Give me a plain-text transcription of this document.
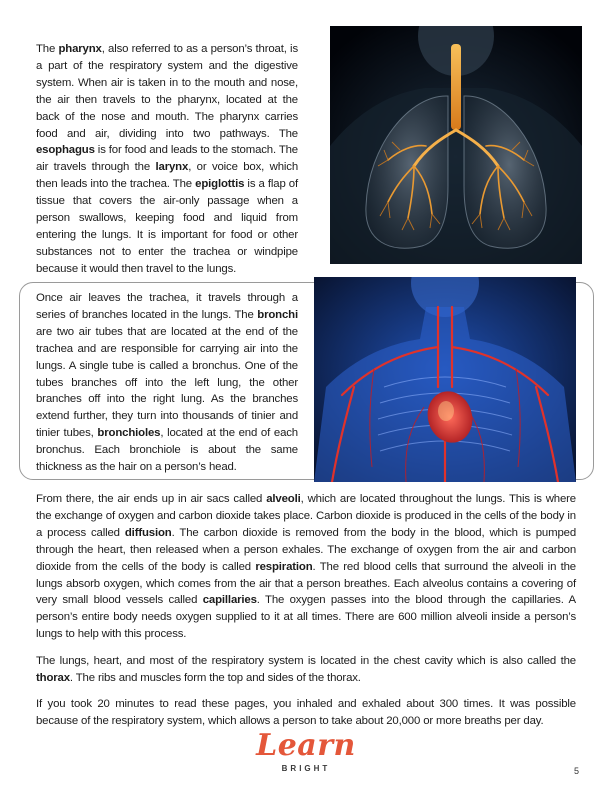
The pharynx, also referred to as a person’s throat, is a part of the respiratory system and the digestive system. When air is taken in to the mouth and nose, the air then travels to the pharynx, located at the back of the nose and mouth. The pharynx carries food and air, dividing into two pathways. The esophagus is for food and leads to the stomach. The air travels through the larynx, or voice box, which then leads into the trachea. The epiglottis is a flap of tissue that covers the air-only passage when a person swallows, keeping food and liquid from entering the lungs. It is important for food or other substances not to enter the trachea or windpipe because it would then travel to the lungs.

Once air leaves the trachea, it travels through a series of branches located in the lungs. The bronchi are two air tubes that are located at the end of the trachea and are responsible for carrying air into the lungs. A single tube is called a bronchus. One of the tubes branches off into the left lung, the other branches off into the right lung. As the branches extend further, they turn into thousands of tinier and tinier tubes, bronchioles, located at the end of each bronchus. Each bronchiole is about the same thickness as the hair on a person’s head.

From there, the air ends up in air sacs called alveoli, which are located throughout the lungs. This is where the exchange of oxygen and carbon dioxide takes place. Carbon dioxide is produced in the cells of the body in a process called diffusion. The carbon dioxide is removed from the body in the blood, which is pumped through the heart, then released when a person exhales. The exchange of oxygen from the air and carbon dioxide from the cells of the body is called respiration. The red blood cells that surround the alveoli in the lungs absorb oxygen, which comes from the air that a person breathes. Each alveolus contains a covering of very small blood vessels called capillaries. The oxygen passes into the blood through the capillaries. A person’s entire body needs oxygen supplied to it at all times. There are 600 million alveoli inside a person’s lungs to help with this process.

The lungs, heart, and most of the respiratory system is located in the chest cavity which is also called the thorax. The ribs and muscles form the top and sides of the thorax.

If you took 20 minutes to read these pages, you inhaled and exhaled about 300 times. It was possible because of the respiratory system, which allows a person to take about 20,000 or more breaths per day.

Learn
BRIGHT	5
